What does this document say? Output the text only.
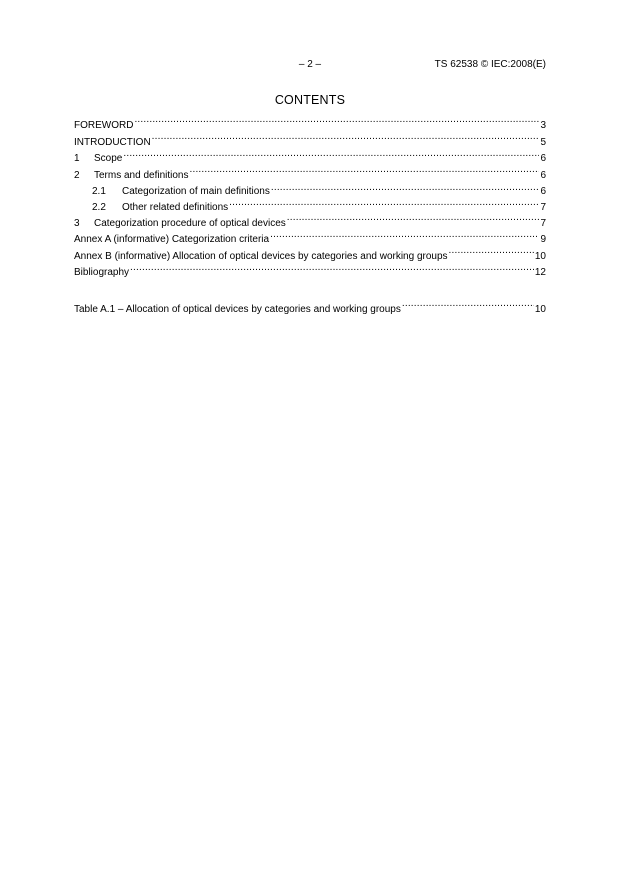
– 2 –	TS 62538 © IEC:2008(E)
CONTENTS
FOREWORD .....	3
INTRODUCTION .....	5
1	Scope .....	6
2	Terms and definitions .....	6
2.1	Categorization of main definitions .....	6
2.2	Other related definitions .....	7
3	Categorization procedure of optical devices .....	7
Annex A (informative) Categorization criteria .....	9
Annex B (informative) Allocation of optical devices by categories and working groups .....	10
Bibliography .....	12
Table A.1 – Allocation of optical devices by categories and working groups .....	10
